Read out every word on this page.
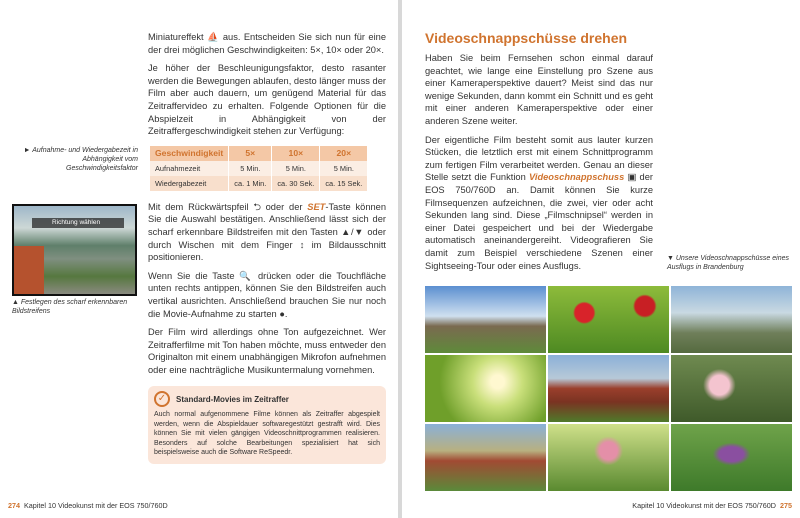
Miniatureffekt ⛵ aus. Entscheiden Sie sich nun für eine der drei möglichen Geschwindigkeiten: 5×, 10× oder 20×.

Je höher der Beschleunigungsfaktor, desto rasanter werden die Bewegungen ablaufen, desto länger muss der Film aber auch dauern, um genügend Material für das Zeitraffervideo zu erhalten. Folgende Optionen für die Abspielzeit in Abhängigkeit von der Zeitraffergeschwindigkeit stehen zur Verfügung:

► Aufnahme- und Wiedergabezeit in Abhängigkeit vom Geschwindigkeitsfaktor
Geschwindigkeit	5×	10×	20×
Aufnahmezeit	5 Min.	5 Min.	5 Min.
Wiedergabezeit	ca. 1 Min.	ca. 30 Sek.	ca. 15 Sek.
Richtung wählen
▲ Festlegen des scharf erkennbaren Bildstreifens

Mit dem Rückwärtspfeil ⮌ oder der SET-Taste können Sie die Auswahl bestätigen. Anschließend lässt sich der scharf erkennbare Bildstreifen mit den Tasten ▲/▼ oder durch Wischen mit dem Finger ↕ im Bildausschnitt positionieren.

Wenn Sie die Taste 🔍 drücken oder die Touchfläche unten rechts antippen, können Sie den Bildstreifen auch vertikal ausrichten. Anschließend brauchen Sie nur noch die Movie-Aufnahme zu starten ●.

Der Film wird allerdings ohne Ton aufgezeichnet. Wer Zeitrafferfilme mit Ton haben möchte, muss entweder den Originalton mit einem unabhängigen Mikrofon aufnehmen oder eine nachträgliche Musikuntermalung vornehmen.

✓	Standard-Movies im Zeitraffer

Auch normal aufgenommene Filme können als Zeitraffer abgespielt werden, wenn die Abspieldauer softwaregestützt gestrafft wird. Dies können Sie mit vielen gängigen Videoschnittprogrammen realisieren. Besonders auf solche Bearbeitungen spezialisiert hat sich beispielsweise auch die Software ReSpeedr.

274 Kapitel 10 Videokunst mit der EOS 750/760D
Videoschnappschüsse drehen

Haben Sie beim Fernsehen schon einmal darauf geachtet, wie lange eine Einstellung pro Szene aus einer Kameraperspektive dauert? Meist sind das nur wenige Sekunden, dann kommt ein Schnitt und es geht mit einer anderen Kameraperspektive oder einer anderen Szene weiter.

Der eigentliche Film besteht somit aus lauter kurzen Stücken, die letztlich erst mit einem Schnittprogramm zum fertigen Film verarbeitet werden. Genau an dieser Stelle setzt die Funktion Videoschnappschuss ▣ der EOS 750/760D an. Damit können Sie kurze Filmsequenzen aufzeichnen, die zwei, vier oder acht Sekunden lang sind. Diese „Filmschnipsel“ werden in einer Datei gespeichert und bei der Wiedergabe automatisch aneinandergereiht. Videografieren Sie damit zum Beispiel verschiedene Szenen einer Sightseeing-Tour oder eines Ausflugs.

▼ Unsere Videoschnappschüsse eines Ausflugs in Brandenburg
Kapitel 10 Videokunst mit der EOS 750/760D 275
